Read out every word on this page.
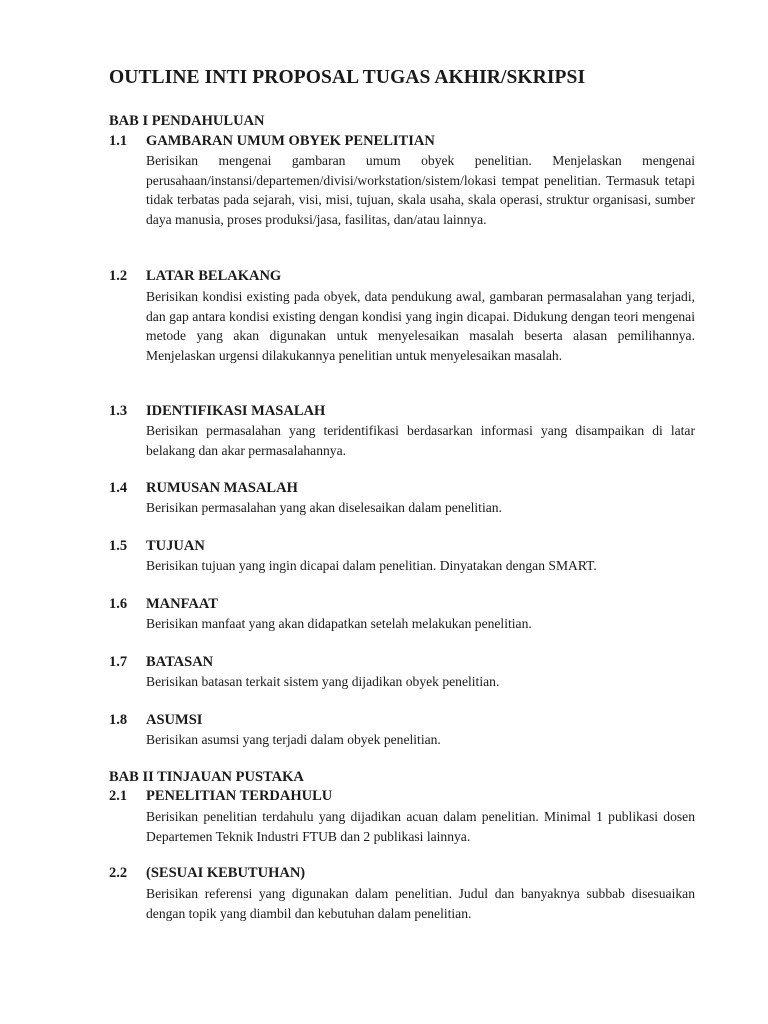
OUTLINE INTI PROPOSAL TUGAS AKHIR/SKRIPSI
BAB I PENDAHULUAN
1.1 GAMBARAN UMUM OBYEK PENELITIAN
Berisikan mengenai gambaran umum obyek penelitian. Menjelaskan mengenai perusahaan/instansi/departemen/divisi/workstation/sistem/lokasi tempat penelitian. Termasuk tetapi tidak terbatas pada sejarah, visi, misi, tujuan, skala usaha, skala operasi, struktur organisasi, sumber daya manusia, proses produksi/jasa, fasilitas, dan/atau lainnya.
1.2 LATAR BELAKANG
Berisikan kondisi existing pada obyek, data pendukung awal, gambaran permasalahan yang terjadi, dan gap antara kondisi existing dengan kondisi yang ingin dicapai. Didukung dengan teori mengenai metode yang akan digunakan untuk menyelesaikan masalah beserta alasan pemilihannya. Menjelaskan urgensi dilakukannya penelitian untuk menyelesaikan masalah.
1.3 IDENTIFIKASI MASALAH
Berisikan permasalahan yang teridentifikasi berdasarkan informasi yang disampaikan di latar belakang dan akar permasalahannya.
1.4 RUMUSAN MASALAH
Berisikan permasalahan yang akan diselesaikan dalam penelitian.
1.5 TUJUAN
Berisikan tujuan yang ingin dicapai dalam penelitian. Dinyatakan dengan SMART.
1.6 MANFAAT
Berisikan manfaat yang akan didapatkan setelah melakukan penelitian.
1.7 BATASAN
Berisikan batasan terkait sistem yang dijadikan obyek penelitian.
1.8 ASUMSI
Berisikan asumsi yang terjadi dalam obyek penelitian.
BAB II TINJAUAN PUSTAKA
2.1 PENELITIAN TERDAHULU
Berisikan penelitian terdahulu yang dijadikan acuan dalam penelitian. Minimal 1 publikasi dosen Departemen Teknik Industri FTUB dan 2 publikasi lainnya.
2.2 (SESUAI KEBUTUHAN)
Berisikan referensi yang digunakan dalam penelitian. Judul dan banyaknya subbab disesuaikan dengan topik yang diambil dan kebutuhan dalam penelitian.
